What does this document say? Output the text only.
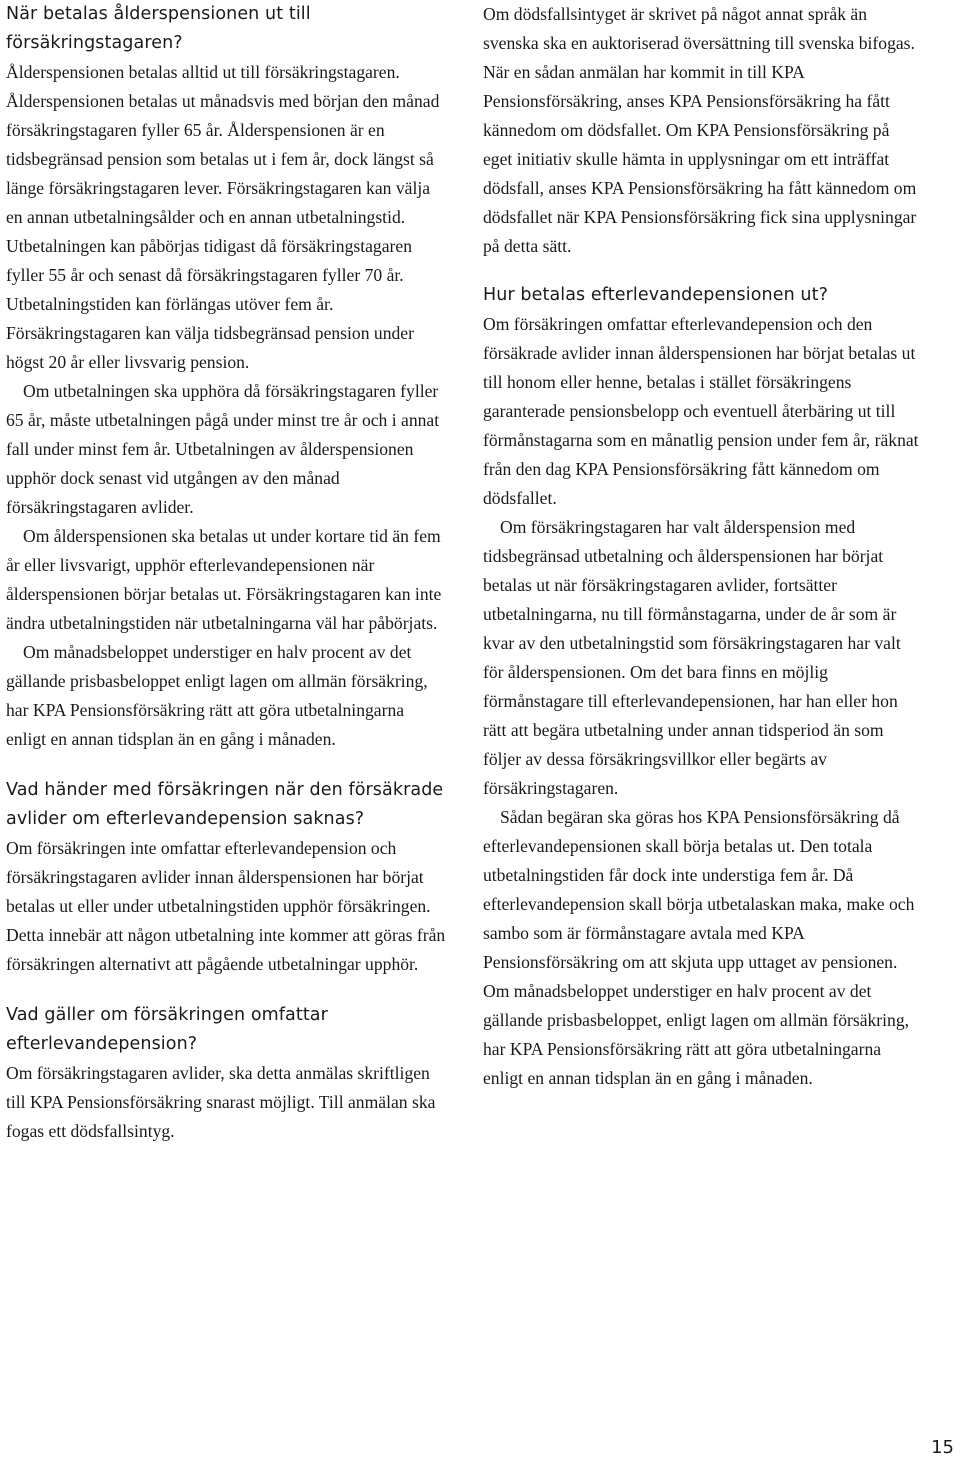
När betalas ålderspensionen ut till försäkringstagaren?

Ålderspensionen betalas alltid ut till försäkringstagaren. Ålderspensionen betalas ut månadsvis med början den månad försäkringstagaren fyller 65 år. Ålderspensionen är en tidsbegränsad pension som betalas ut i fem år, dock längst så länge försäkringstagaren lever. Försäkringstagaren kan välja en annan utbetalningsålder och en annan utbetalningstid. Utbetalningen kan påbörjas tidigast då försäkringstagaren fyller 55 år och senast då försäkringstagaren fyller 70 år. Utbetalningstiden kan förlängas utöver fem år. Försäkringstagaren kan välja tidsbegränsad pension under högst 20 år eller livsvarig pension.

Om utbetalningen ska upphöra då försäkringstagaren fyller 65 år, måste utbetalningen pågå under minst tre år och i annat fall under minst fem år. Utbetalningen av ålderspensionen upphör dock senast vid utgången av den månad försäkringstagaren avlider.

Om ålderspensionen ska betalas ut under kortare tid än fem år eller livsvarigt, upphör efterlevandepensionen när ålderspensionen börjar betalas ut. Försäkringstagaren kan inte ändra utbetalningstiden när utbetalningarna väl har påbörjats.

Om månadsbeloppet understiger en halv procent av det gällande prisbasbeloppet enligt lagen om allmän försäkring, har KPA Pensionsförsäkring rätt att göra utbetalningarna enligt en annan tidsplan än en gång i månaden.

Vad händer med försäkringen när den försäkrade avlider om efterlevandepension saknas?

Om försäkringen inte omfattar efterlevandepension och försäkringstagaren avlider innan ålderspensionen har börjat betalas ut eller under utbetalningstiden upphör försäkringen. Detta innebär att någon utbetalning inte kommer att göras från försäkringen alternativt att pågående utbetalningar upphör.

Vad gäller om försäkringen omfattar efterlevandepension?

Om försäkringstagaren avlider, ska detta anmälas skriftligen till KPA Pensionsförsäkring snarast möjligt. Till anmälan ska fogas ett dödsfallsintyg.

Om dödsfallsintyget är skrivet på något annat språk än svenska ska en auktoriserad översättning till svenska bifogas. När en sådan anmälan har kommit in till KPA Pensionsförsäkring, anses KPA Pensionsförsäkring ha fått kännedom om dödsfallet. Om KPA Pensionsförsäkring på eget initiativ skulle hämta in upplysningar om ett inträffat dödsfall, anses KPA Pensionsförsäkring ha fått kännedom om dödsfallet när KPA Pensionsförsäkring fick sina upplysningar på detta sätt.

Hur betalas efterlevandepensionen ut?

Om försäkringen omfattar efterlevandepension och den försäkrade avlider innan ålderspensionen har börjat betalas ut till honom eller henne, betalas i stället försäkringens garanterade pensionsbelopp och eventuell återbäring ut till förmånstagarna som en månatlig pension under fem år, räknat från den dag KPA Pensionsförsäkring fått kännedom om dödsfallet.

Om försäkringstagaren har valt ålderspension med tidsbegränsad utbetalning och ålderspensionen har börjat betalas ut när försäkringstagaren avlider, fortsätter utbetalningarna, nu till förmånstagarna, under de år som är kvar av den utbetalningstid som försäkringstagaren har valt för ålderspensionen. Om det bara finns en möjlig förmånstagare till efterlevandepensionen, har han eller hon rätt att begära utbetalning under annan tidsperiod än som följer av dessa försäkringsvillkor eller begärts av försäkringstagaren.

Sådan begäran ska göras hos KPA Pensionsförsäkring då efterlevandepensionen skall börja betalas ut. Den totala utbetalningstiden får dock inte understiga fem år. Då efterlevandepension skall börja utbetalaskan maka, make och sambo som är förmånstagare avtala med KPA Pensionsförsäkring om att skjuta upp uttaget av pensionen. Om månadsbeloppet understiger en halv procent av det gällande prisbasbeloppet, enligt lagen om allmän försäkring, har KPA Pensionsförsäkring rätt att göra utbetalningarna enligt en annan tidsplan än en gång i månaden.

15
